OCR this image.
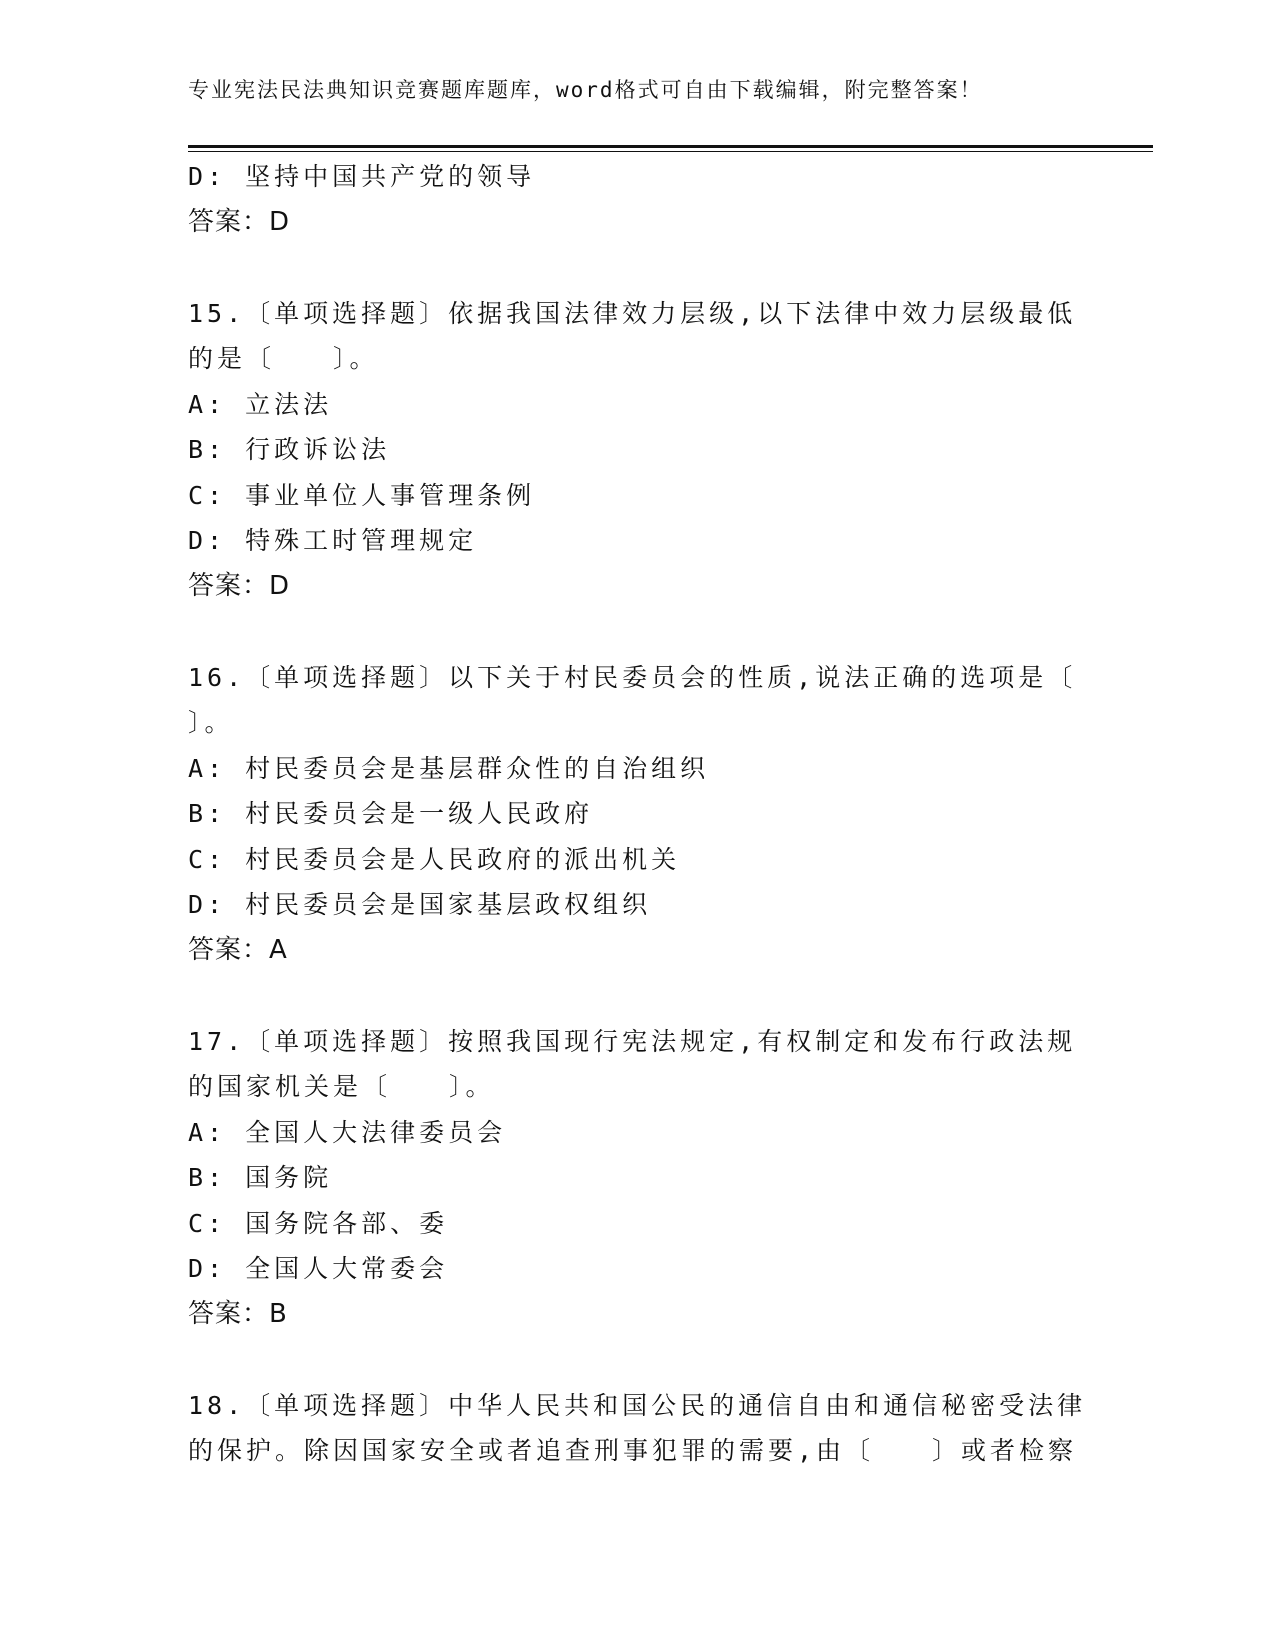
专业宪法民法典知识竞赛题库题库，word格式可自由下载编辑，附完整答案！
D: 坚持中国共产党的领导
答案：D
15.〔单项选择题〕依据我国法律效力层级,以下法律中效力层级最低
的是〔　　〕。
A: 立法法
B: 行政诉讼法
C: 事业单位人事管理条例
D: 特殊工时管理规定
答案：D
16.〔单项选择题〕以下关于村民委员会的性质,说法正确的选项是〔
〕。
A: 村民委员会是基层群众性的自治组织
B: 村民委员会是一级人民政府
C: 村民委员会是人民政府的派出机关
D: 村民委员会是国家基层政权组织
答案：A
17.〔单项选择题〕按照我国现行宪法规定,有权制定和发布行政法规
的国家机关是〔　　〕。
A: 全国人大法律委员会
B: 国务院
C: 国务院各部、委
D: 全国人大常委会
答案：B
18.〔单项选择题〕中华人民共和国公民的通信自由和通信秘密受法律
的保护。除因国家安全或者追查刑事犯罪的需要,由〔　　〕或者检察
